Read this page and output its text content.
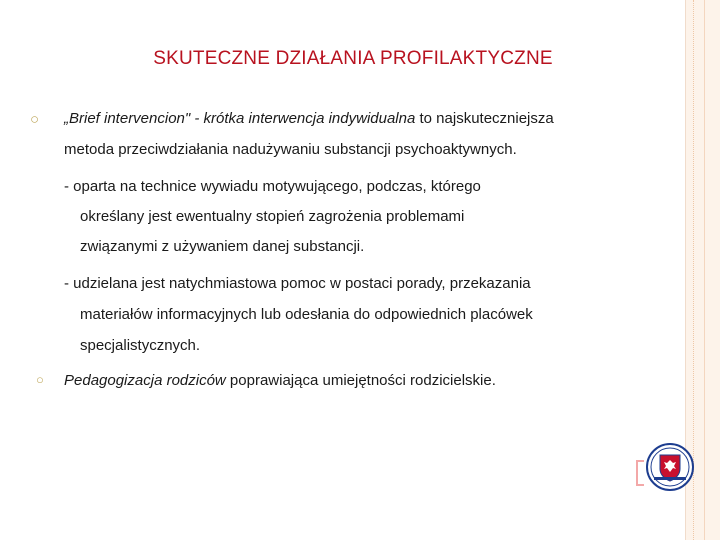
SKUTECZNE DZIAŁANIA PROFILAKTYCZNE
○ „Brief intervencion" - krótka interwencja indywidualna to najskuteczniejsza
metoda przeciwdziałania nadużywaniu substancji psychoaktywnych.
- oparta na technice wywiadu motywującego, podczas, którego
określany jest ewentualny stopień zagrożenia problemami
związanymi z używaniem danej substancji.
- udzielana jest natychmiastowa pomoc w postaci porady, przekazania
materiałów informacyjnych lub odesłania do odpowiednich placówek
specjalistycznych.
○ Pedagogizacja rodziców poprawiająca umiejętności rodzicielskie.
